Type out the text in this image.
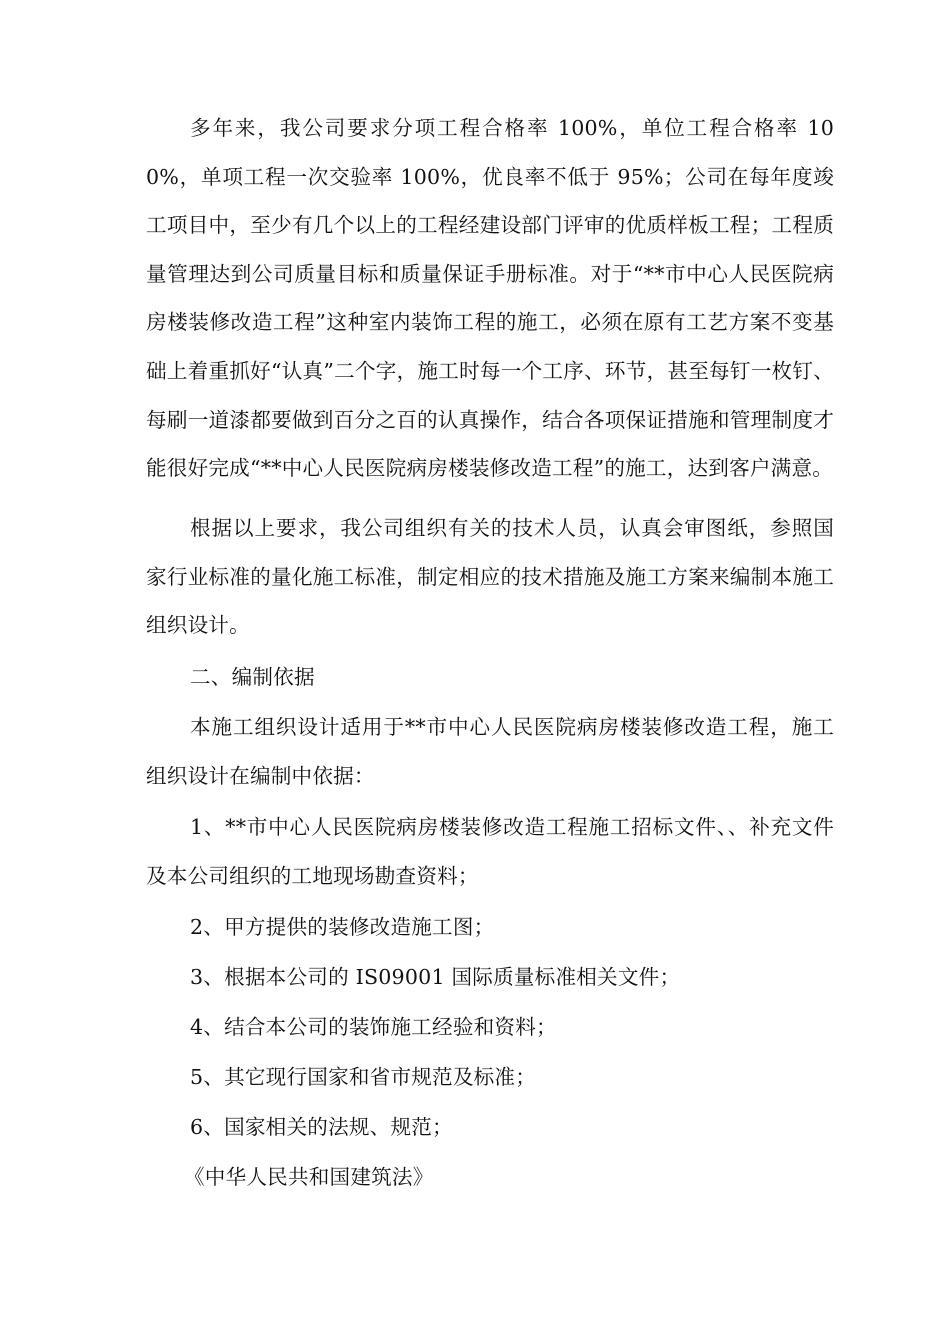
多年来，我公司要求分项工程合格率 100%，单位工程合格率 100%，单项工程一次交验率 100%，优良率不低于 95%；公司在每年度竣工项目中，至少有几个以上的工程经建设部门评审的优质样板工程；工程质量管理达到公司质量目标和质量保证手册标准。对于“**市中心人民医院病房楼装修改造工程”这种室内装饰工程的施工，必须在原有工艺方案不变基础上着重抓好“认真”二个字，施工时每一个工序、环节，甚至每钉一枚钉、每刷一道漆都要做到百分之百的认真操作，结合各项保证措施和管理制度才能很好完成“**中心人民医院病房楼装修改造工程”的施工，达到客户满意。

根据以上要求，我公司组织有关的技术人员，认真会审图纸，参照国家行业标准的量化施工标准，制定相应的技术措施及施工方案来编制本施工组织设计。

二、编制依据

本施工组织设计适用于**市中心人民医院病房楼装修改造工程，施工组织设计在编制中依据：

1、**市中心人民医院病房楼装修改造工程施工招标文件、、补充文件及本公司组织的工地现场勘查资料；

2、甲方提供的装修改造施工图；

3、根据本公司的 IS09001 国际质量标准相关文件；

4、结合本公司的装饰施工经验和资料；

5、其它现行国家和省市规范及标准；

6、国家相关的法规、规范；

《中华人民共和国建筑法》
